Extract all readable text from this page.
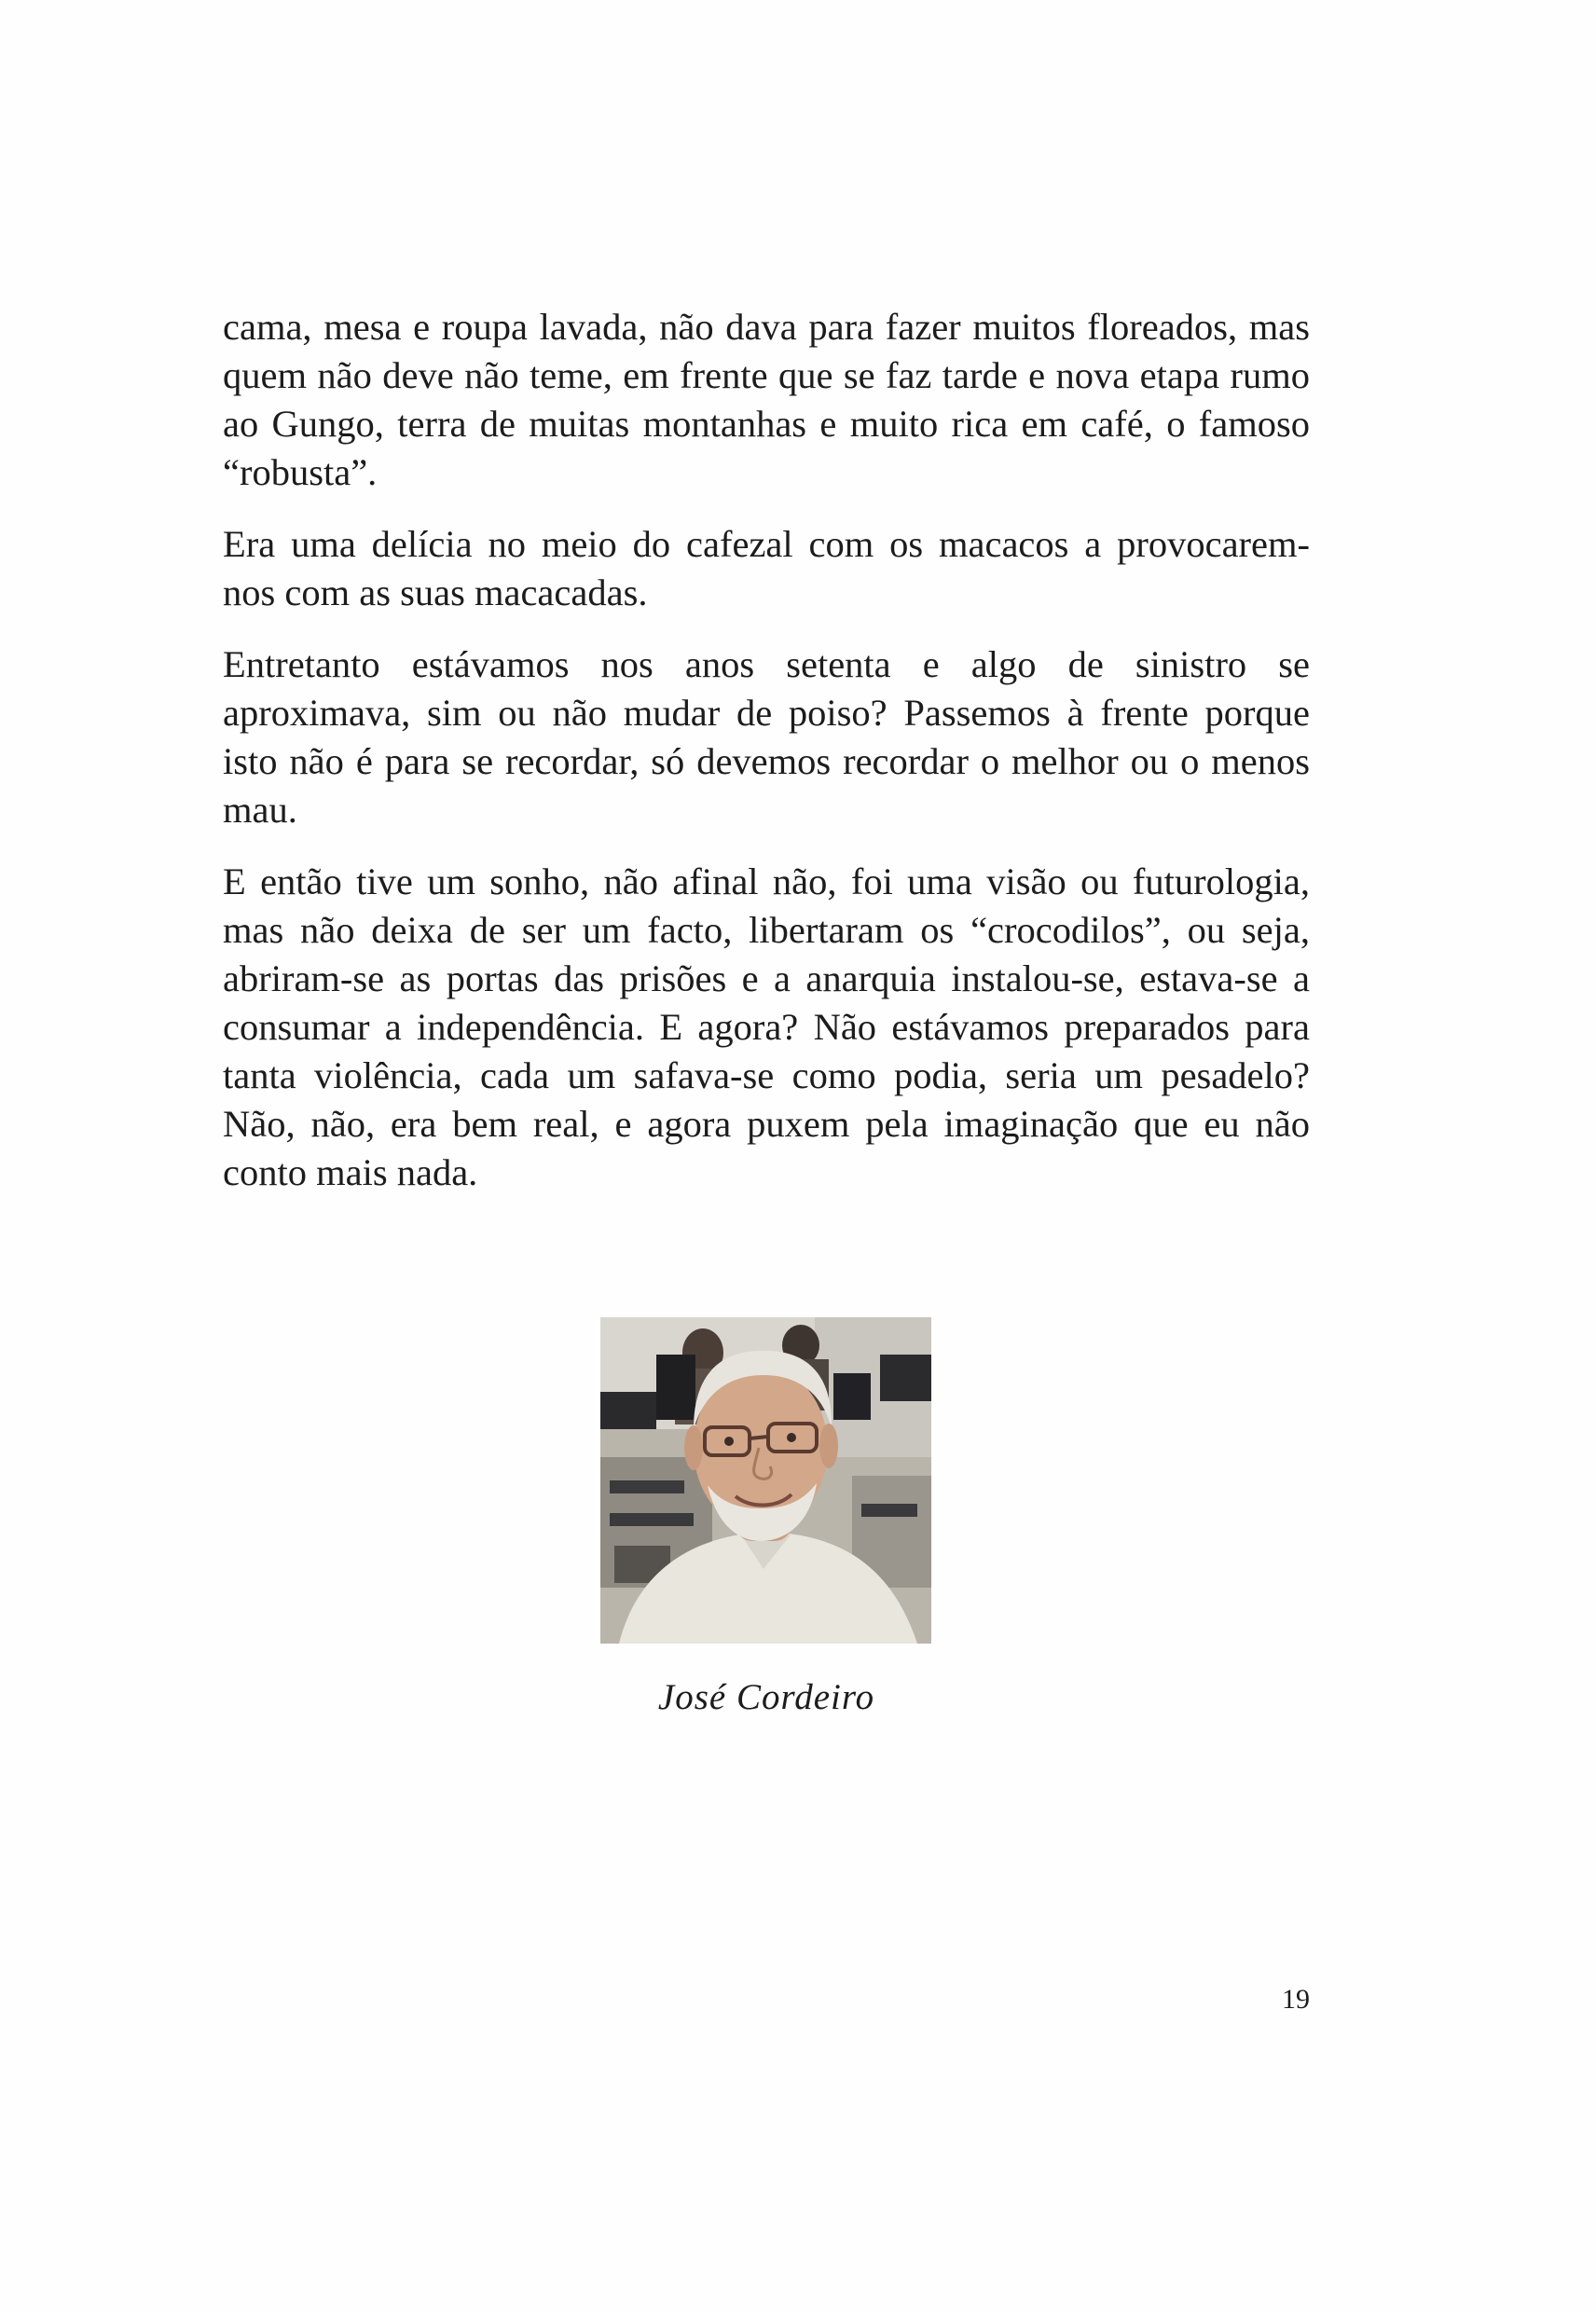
cama, mesa e roupa lavada, não dava para fazer muitos floreados, mas
quem não deve não teme, em frente que se faz tarde e nova etapa rumo
ao Gungo, terra de muitas montanhas e muito rica em café, o famoso
“robusta”.

Era uma delícia no meio do cafezal com os macacos a provocarem-
nos com as suas macacadas.

Entretanto estávamos nos anos setenta e algo de sinistro se
aproximava, sim ou não mudar de poiso? Passemos à frente porque
isto não é para se recordar, só devemos recordar o melhor ou o menos
mau.

E então tive um sonho, não afinal não, foi uma visão ou futurologia,
mas não deixa de ser um facto, libertaram os “crocodilos”, ou seja,
abriram-se as portas das prisões e a anarquia instalou-se, estava-se a
consumar a independência. E agora? Não estávamos preparados para
tanta violência, cada um safava-se como podia, seria um pesadelo?
Não, não, era bem real, e agora puxem pela imaginação que eu não
conto mais nada.

José Cordeiro
19
